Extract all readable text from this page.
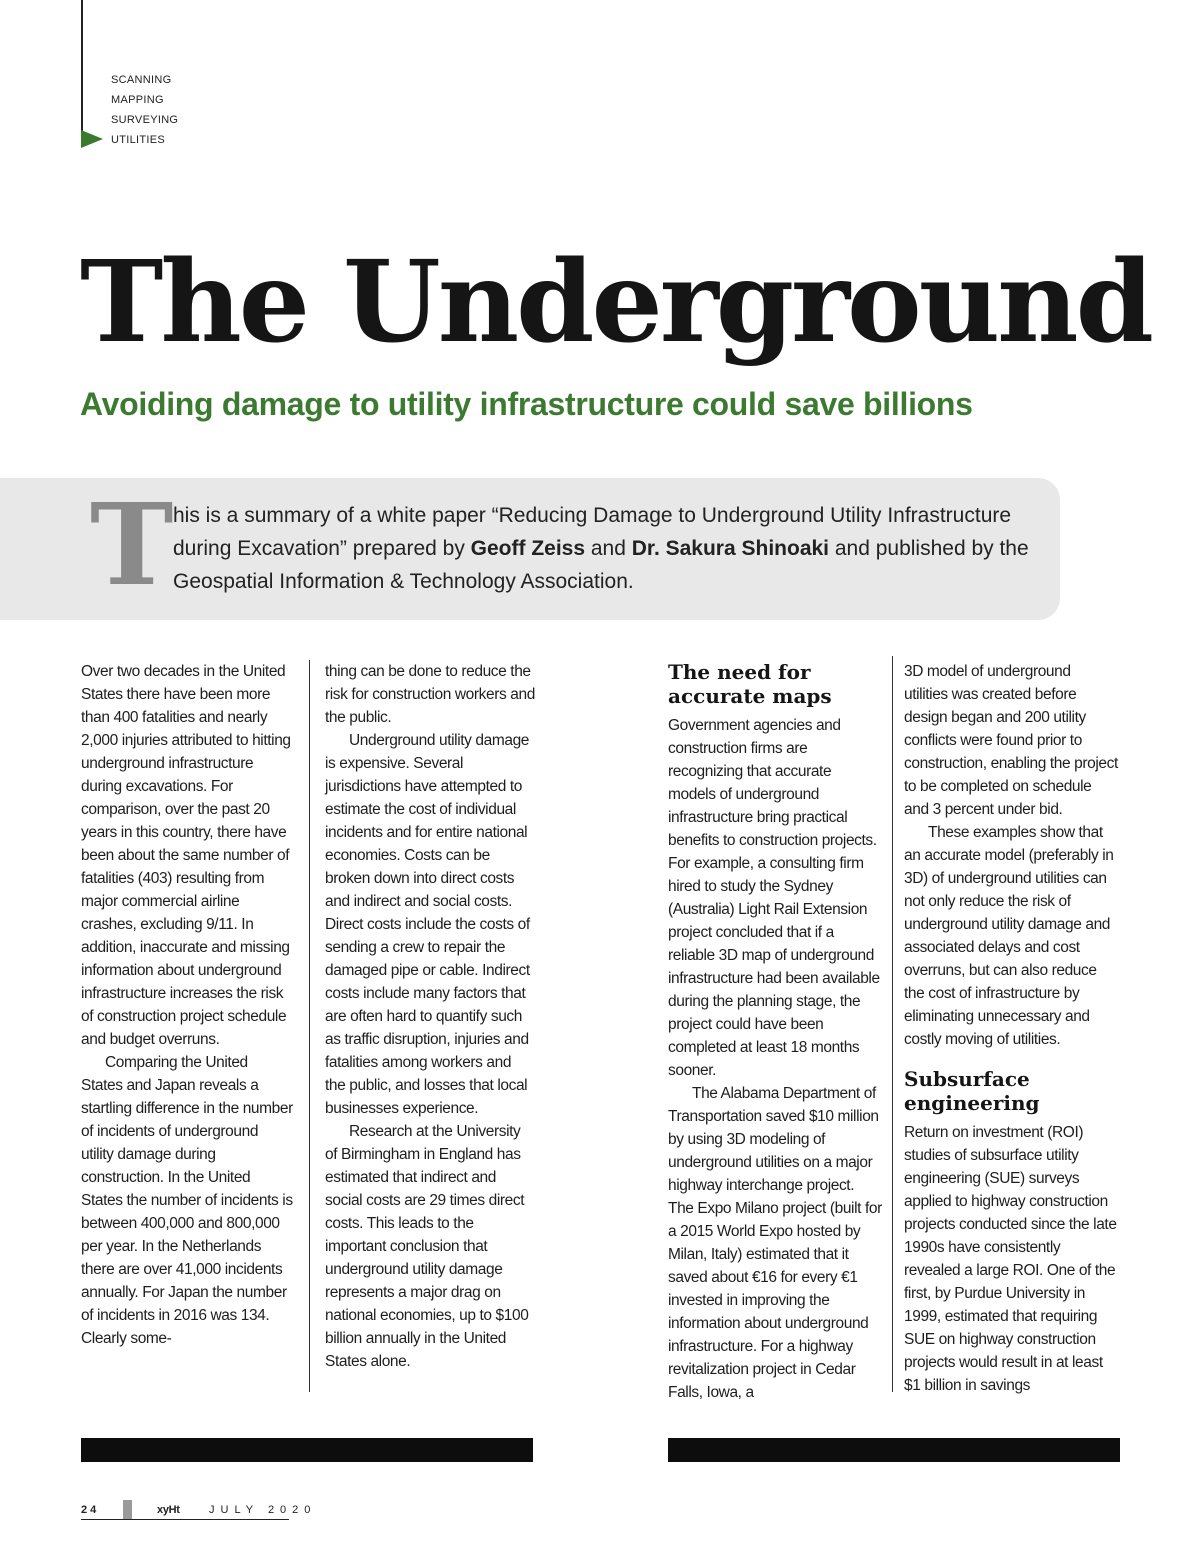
SCANNING
MAPPING
SURVEYING
UTILITIES
The Underground
Avoiding damage to utility infrastructure could save billions
T his is a summary of a white paper “Reducing Damage to Underground Utility Infrastructure during Excavation” prepared by Geoff Zeiss and Dr. Sakura Shinoaki and published by the Geospatial Information & Technology Association.

Over two decades in the United States there have been more than 400 fatalities and nearly 2,000 injuries attributed to hitting underground infrastructure during excavations. For comparison, over the past 20 years in this country, there have been about the same number of fatalities (403) resulting from major commercial airline crashes, excluding 9/11. In addition, inaccurate and missing information about underground infrastructure increases the risk of construction project schedule and budget overruns.

Comparing the United States and Japan reveals a startling difference in the number of incidents of underground utility damage during construction. In the United States the number of incidents is between 400,000 and 800,000 per year. In the Netherlands there are over 41,000 incidents annually. For Japan the number of incidents in 2016 was 134. Clearly some-

thing can be done to reduce the risk for construction workers and the public.

Underground utility damage is expensive. Several jurisdictions have attempted to estimate the cost of individual incidents and for entire national economies. Costs can be broken down into direct costs and indirect and social costs. Direct costs include the costs of sending a crew to repair the damaged pipe or cable. Indirect costs include many factors that are often hard to quantify such as traffic disruption, injuries and fatalities among workers and the public, and losses that local businesses experience.

Research at the University of Birmingham in England has estimated that indirect and social costs are 29 times direct costs. This leads to the important conclusion that underground utility damage represents a major drag on national economies, up to $100 billion annually in the United States alone.

The need for accurate maps

Government agencies and construction firms are recognizing that accurate models of underground infrastructure bring practical benefits to construction projects. For example, a consulting firm hired to study the Sydney (Australia) Light Rail Extension project concluded that if a reliable 3D map of underground infrastructure had been available during the planning stage, the project could have been completed at least 18 months sooner.

The Alabama Department of Transportation saved $10 million by using 3D modeling of underground utilities on a major highway interchange project. The Expo Milano project (built for a 2015 World Expo hosted by Milan, Italy) estimated that it saved about €16 for every €1 invested in improving the information about underground infrastructure. For a highway revitalization project in Cedar Falls, Iowa, a

3D model of underground utilities was created before design began and 200 utility conflicts were found prior to construction, enabling the project to be completed on schedule and 3 percent under bid.

These examples show that an accurate model (preferably in 3D) of underground utilities can not only reduce the risk of underground utility damage and associated delays and cost overruns, but can also reduce the cost of infrastructure by eliminating unnecessary and costly moving of utilities.

Subsurface engineering

Return on investment (ROI) studies of subsurface utility engineering (SUE) surveys applied to highway construction projects conducted since the late 1990s have consistently revealed a large ROI. One of the first, by Purdue University in 1999, estimated that requiring SUE on highway construction projects would result in at least $1 billion in savings

24	xyHt	JULY 2020
